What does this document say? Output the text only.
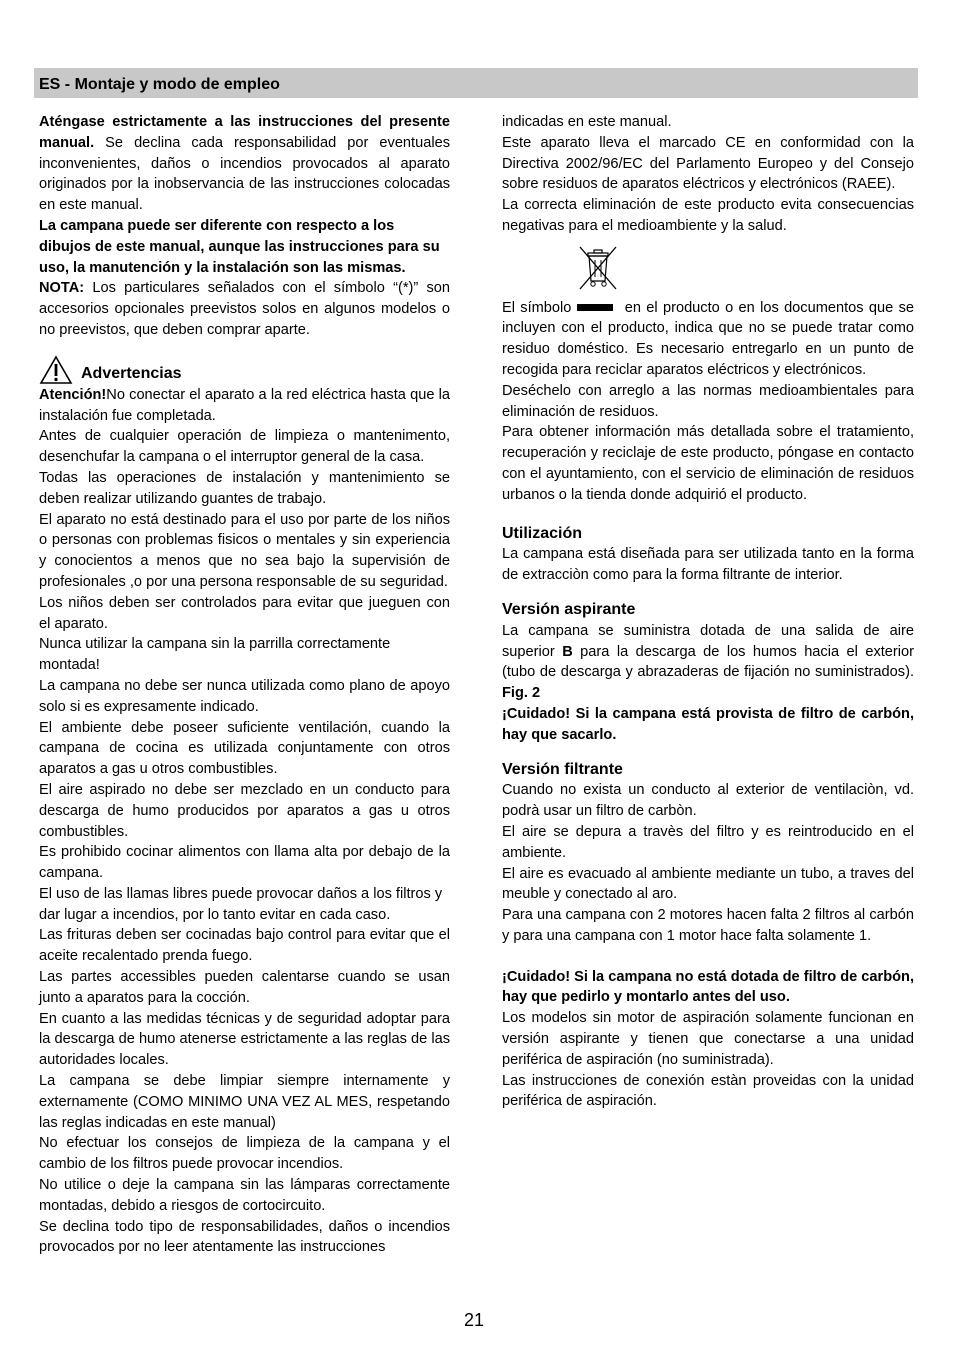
ES - Montaje y modo de empleo

Aténgase estrictamente a las instrucciones del presente manual. Se declina cada responsabilidad por eventuales inconvenientes, daños o incendios provocados al aparato originados por la inobservancia de las instrucciones colocadas en este manual.

La campana puede ser diferente con respecto a los dibujos de este manual, aunque las instrucciones para su uso, la manutención y la instalación son las mismas.

NOTA: Los particulares señalados con el símbolo “(*)” son accesorios opcionales preevistos solos en algunos modelos o no preevistos, que deben comprar aparte.

Advertencias

Atención!No conectar el aparato a la red eléctrica hasta que la instalación fue completada.

Antes de cualquier operación de limpieza o mantenimento, desenchufar la campana o el interruptor general de la casa.

Todas las operaciones de instalación y mantenimiento se deben realizar utilizando guantes de trabajo.

El aparato no está destinado para el uso por parte de los niños o personas con problemas fisicos o mentales y sin experiencia y conocientos a menos que no sea bajo la supervisión de profesionales ,o por una persona responsable de su seguridad.

Los niños deben ser controlados para evitar que jueguen con el aparato.

Nunca utilizar la campana sin la parrilla correctamente montada!

La campana no debe ser nunca utilizada como plano de apoyo solo si es expresamente indicado.

El ambiente debe poseer suficiente ventilación, cuando la campana de cocina es utilizada conjuntamente con otros aparatos a gas u otros combustibles.

El aire aspirado no debe ser mezclado en un conducto para descarga de humo producidos por aparatos a gas u otros combustibles.

Es prohibido cocinar alimentos con llama alta por debajo de la campana.

El uso de las llamas libres puede provocar daños a los filtros y dar lugar a incendios, por lo tanto evitar en cada caso.

Las frituras deben ser cocinadas bajo control para evitar que el aceite recalentado prenda fuego.

Las partes accessibles pueden calentarse cuando se usan junto a aparatos para la cocción.

En cuanto a las medidas técnicas y de seguridad adoptar para la descarga de humo atenerse estrictamente a las reglas de las autoridades locales.

La campana se debe limpiar siempre internamente y externamente (COMO MINIMO UNA VEZ AL MES, respetando las reglas indicadas en este manual)

No efectuar los consejos de limpieza de la campana y el cambio de los filtros puede provocar incendios.

No utilice o deje la campana sin las lámparas correctamente montadas, debido a riesgos de cortocircuito.

Se declina todo tipo de responsabilidades, daños o incendios provocados por no leer atentamente las instrucciones

indicadas en este manual.

Este aparato lleva el marcado CE en conformidad con la Directiva 2002/96/EC del Parlamento Europeo y del Consejo sobre residuos de aparatos eléctricos y electrónicos (RAEE).

La correcta eliminación de este producto evita consecuencias negativas para el medioambiente y la salud.

El símbolo	en el producto o en los documentos que se incluyen con el producto, indica que no se puede tratar como residuo doméstico. Es necesario entregarlo en un punto de recogida para reciclar aparatos eléctricos y electrónicos.

Deséchelo con arreglo a las normas medioambientales para eliminación de residuos.

Para obtener información más detallada sobre el tratamiento, recuperación y reciclaje de este producto, póngase en contacto con el ayuntamiento, con el servicio de eliminación de residuos urbanos o la tienda donde adquirió el producto.

Utilización

La campana está diseñada para ser utilizada tanto en la forma de extracciòn como para la forma filtrante de interior.

Versión aspirante

La campana se suministra dotada de una salida de aire superior B para la descarga de los humos hacia el exterior (tubo de descarga y abrazaderas de fijación no suministrados). Fig. 2

¡Cuidado! Si la campana está provista de filtro de carbón, hay que sacarlo.

Versión filtrante

Cuando no exista un conducto al exterior de ventilaciòn, vd. podrà usar un filtro de carbòn.

El aire se depura a travès del filtro y es reintroducido en el ambiente.

El aire es evacuado al ambiente mediante un tubo, a traves del meuble y conectado al aro.

Para una campana con 2 motores hacen falta 2 filtros al carbón y para una campana con 1 motor hace falta solamente 1.

¡Cuidado! Si la campana no está dotada de filtro de carbón, hay que pedirlo y montarlo antes del uso.

Los modelos sin motor de aspiración solamente funcionan en versión aspirante y tienen que conectarse a una unidad periférica de aspiración (no suministrada).

Las instrucciones de conexión estàn proveidas con la unidad periférica de aspiración.

21
